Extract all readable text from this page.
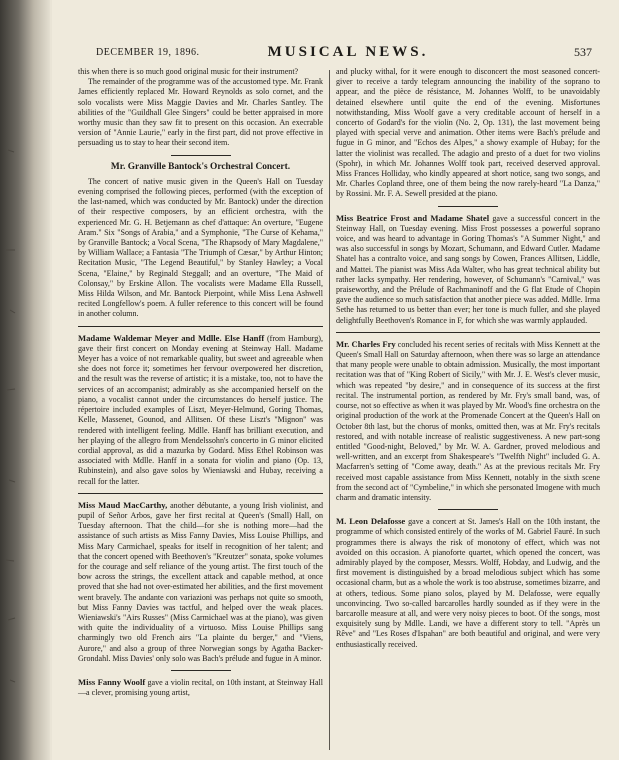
DECEMBER 19, 1896.	MUSICAL NEWS.	537

this when there is so much good original music for their instrument?

The remainder of the programme was of the accustomed type. Mr. Frank James efficiently replaced Mr. Howard Reynolds as solo cornet, and the solo vocalists were Miss Maggie Davies and Mr. Charles Santley. The abilities of the "Guildhall Glee Singers" could be better appraised in more worthy music than they saw fit to present on this occasion. An execrable version of "Annie Laurie," early in the first part, did not prove effective in persuading us to stay to hear their second item.

Mr. Granville Bantock's Orchestral Concert.

The concert of native music given in the Queen's Hall on Tuesday evening comprised the following pieces, performed (with the exception of the last-named, which was conducted by Mr. Bantock) under the direction of their respective composers, by an efficient orchestra, with the experienced Mr. G. H. Betjemann as chef d'attaque: An overture, "Eugene Aram." Six "Songs of Arabia," and a Symphonie, "The Curse of Kehama," by Granville Bantock; a Vocal Scena, "The Rhapsody of Mary Magdalene," by William Wallace; a Fantasia "The Triumph of Cæsar," by Arthur Hinton; Recitation Music, "The Legend Beautiful," by Stanley Hawley; a Vocal Scena, "Elaine," by Reginald Steggall; and an overture, "The Maid of Colonsay," by Erskine Allon. The vocalists were Madame Ella Russell, Miss Hilda Wilson, and Mr. Bantock Pierpoint, while Miss Lena Ashwell recited Longfellow's poem. A fuller reference to this concert will be found in another column.

Madame Waldemar Meyer and Mdlle. Else Hanff (from Hamburg), gave their first concert on Monday evening at Steinway Hall. Madame Meyer has a voice of not remarkable quality, but sweet and agreeable when she does not force it; sometimes her fervour overpowered her discretion, and the result was the reverse of artistic; it is a mistake, too, not to have the services of an accompanist; admirably as she accompanied herself on the piano, a vocalist cannot under the circumstances do herself justice. The répertoire included examples of Liszt, Meyer-Helmund, Goring Thomas, Kelle, Massenet, Gounod, and Allitsen. Of these Liszt's "Mignon" was rendered with intelligent feeling. Mdlle. Hanff has brilliant execution, and her playing of the allegro from Mendelssohn's concerto in G minor elicited cordial approval, as did a mazurka by Godard. Miss Ethel Robinson was associated with Mdlle. Hanff in a sonata for violin and piano (Op. 13, Rubinstein), and also gave solos by Wieniawski and Hubay, receiving a recall for the latter.

Miss Maud MacCarthy, another débutante, a young Irish violinist, and pupil of Señor Arbos, gave her first recital at Queen's (Small) Hall, on Tuesday afternoon. That the child—for she is nothing more—had the assistance of such artists as Miss Fanny Davies, Miss Louise Phillips, and Miss Mary Carmichael, speaks for itself in recognition of her talent; and that the concert opened with Beethoven's "Kreutzer" sonata, spoke volumes for the courage and self reliance of the young artist. The first touch of the bow across the strings, the excellent attack and capable method, at once proved that she had not over-estimated her abilities, and the first movement went bravely. The andante con variazioni was perhaps not quite so smooth, but Miss Fanny Davies was tactful, and helped over the weak places. Wieniawski's "Airs Russes" (Miss Carmichael was at the piano), was given with quite the individuality of a virtuoso. Miss Louise Phillips sang charmingly two old French airs "La plainte du berger," and "Viens, Aurore," and also a group of three Norwegian songs by Agatha Backer-Grondahl. Miss Davies' only solo was Bach's prélude and fugue in A minor.

Miss Fanny Woolf gave a violin recital, on 10th instant, at Steinway Hall—a clever, promising young artist,

and plucky withal, for it were enough to disconcert the most seasoned concert-giver to receive a tardy telegram announcing the inability of the soprano to appear, and the pièce de résistance, M. Johannes Wolff, to be unavoidably detained elsewhere until quite the end of the evening. Misfortunes notwithstanding, Miss Woolf gave a very creditable account of herself in a concerto of Godard's for the violin (No. 2, Op. 131), the last movement being played with special verve and animation. Other items were Bach's prélude and fugue in G minor, and "Echos des Alpes," a showy example of Hubay; for the latter the violinist was recalled. The adagio and presto of a duet for two violins (Spohr), in which Mr. Johannes Wolff took part, received deserved approval. Miss Frances Holliday, who kindly appeared at short notice, sang two songs, and Mr. Charles Copland three, one of them being the now rarely-heard "La Danza," by Rossini. Mr. F. A. Sewell presided at the piano.

Miss Beatrice Frost and Madame Shatel gave a successful concert in the Steinway Hall, on Tuesday evening. Miss Frost possesses a powerful soprano voice, and was heard to advantage in Goring Thomas's "A Summer Night," and was also successful in songs by Mozart, Schumann, and Edward Cutler. Madame Shatel has a contralto voice, and sang songs by Cowen, Frances Allitsen, Liddle, and Mattei. The pianist was Miss Ada Walter, who has great technical ability but rather lacks sympathy. Her rendering, however, of Schumann's "Carnival," was praiseworthy, and the Prélude of Rachmaninoff and the G flat Etude of Chopin gave the audience so much satisfaction that another piece was added. Mdlle. Irma Sethe has returned to us better than ever; her tone is much fuller, and she played delightfully Beethoven's Romance in F, for which she was warmly applauded.

Mr. Charles Fry concluded his recent series of recitals with Miss Kennett at the Queen's Small Hall on Saturday afternoon, when there was so large an attendance that many people were unable to obtain admission. Musically, the most important recitation was that of "King Robert of Sicily," with Mr. J. E. West's clever music, which was repeated "by desire," and in consequence of its success at the first recital. The instrumental portion, as rendered by Mr. Fry's small band, was, of course, not so effective as when it was played by Mr. Wood's fine orchestra on the original production of the work at the Promenade Concert at the Queen's Hall on October 8th last, but the chorus of monks, omitted then, was at Mr. Fry's recitals restored, and with notable increase of realistic suggestiveness. A new part-song entitled "Good-night, Beloved," by Mr. W. A. Gardner, proved melodious and well-written, and an excerpt from Shakespeare's "Twelfth Night" included G. A. Macfarren's setting of "Come away, death." As at the previous recitals Mr. Fry received most capable assistance from Miss Kennett, notably in the sixth scene from the second act of "Cymbeline," in which she personated Imogene with much charm and dramatic intensity.

M. Leon Delafosse gave a concert at St. James's Hall on the 10th instant, the programme of which consisted entirely of the works of M. Gabriel Fauré. In such programmes there is always the risk of monotony of effect, which was not avoided on this occasion. A pianoforte quartet, which opened the concert, was admirably played by the composer, Messrs. Wolff, Hobday, and Ludwig, and the first movement is distinguished by a broad melodious subject which has some occasional charm, but as a whole the work is too abstruse, sometimes bizarre, and at others, tedious. Some piano solos, played by M. Delafosse, were equally unconvincing. Two so-called barcarolles hardly sounded as if they were in the barcarolle measure at all, and were very noisy pieces to boot. Of the songs, most exquisitely sung by Mdlle. Landi, we have a different story to tell. "Après un Rêve" and "Les Roses d'Ispahan" are both beautiful and original, and were very enthusiastically received.
